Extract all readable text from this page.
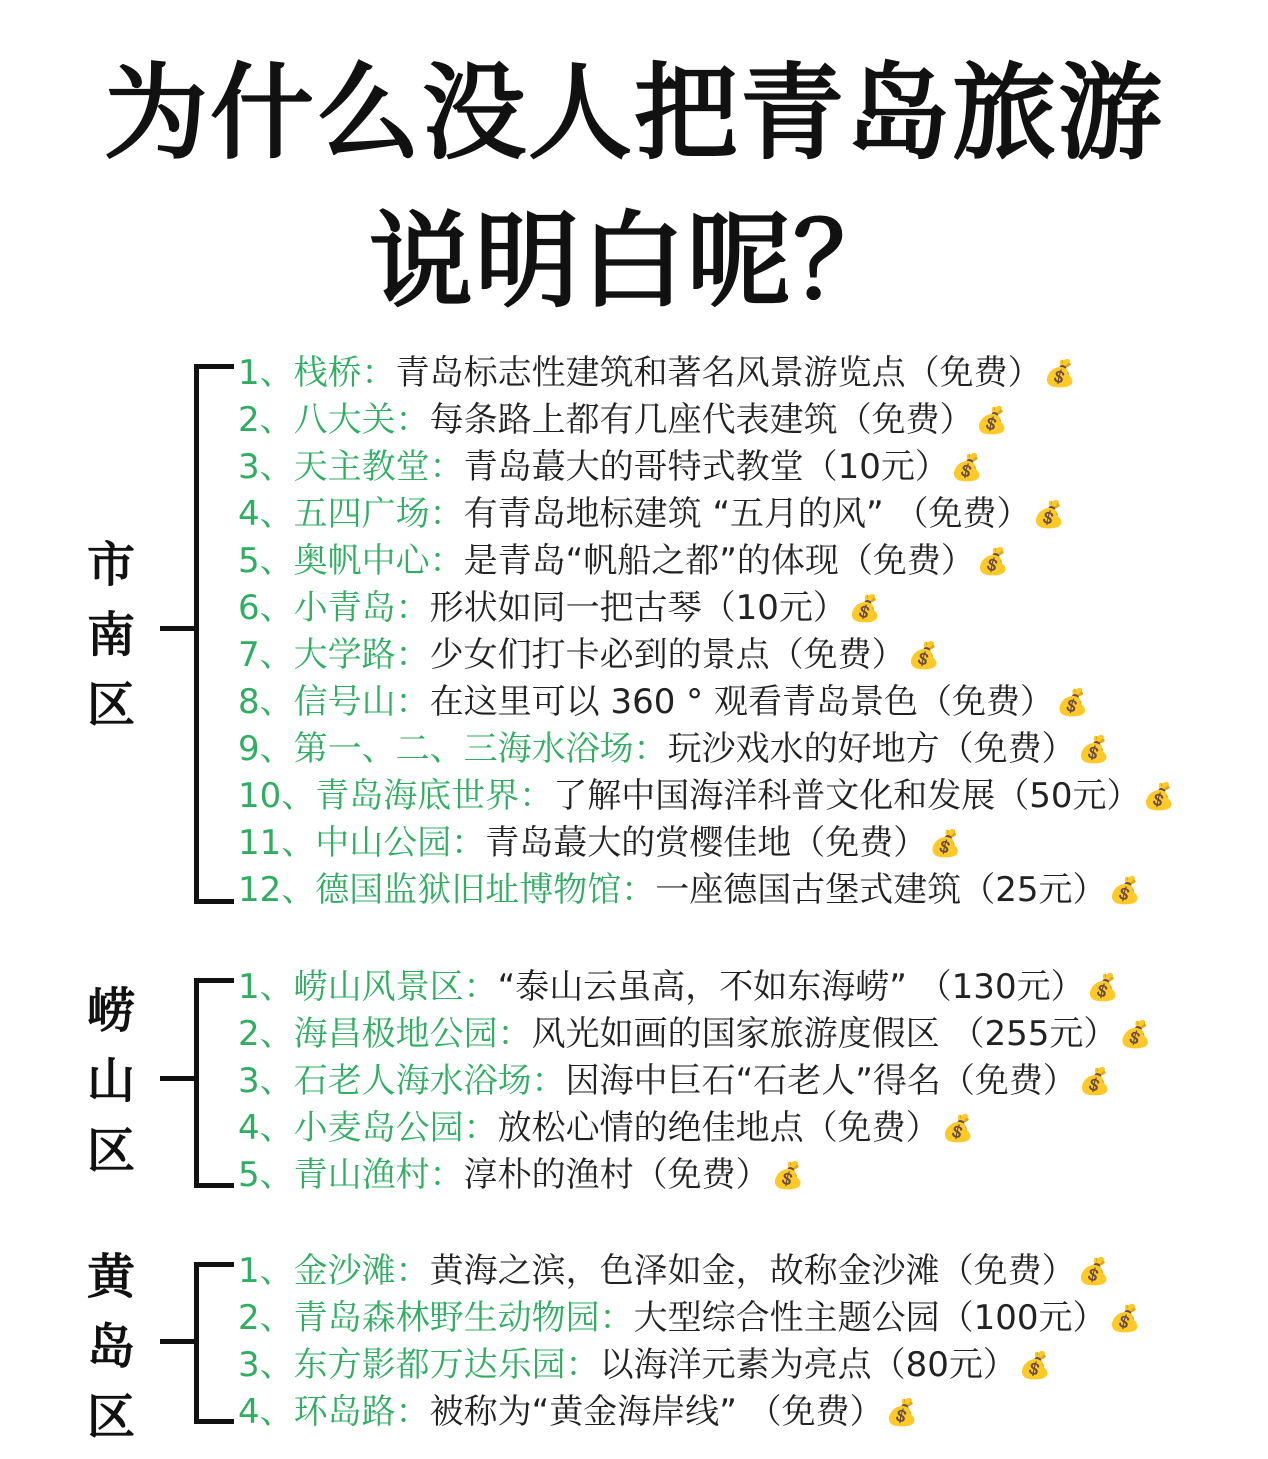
为什么没人把青岛旅游
说明白呢？
市
南
区
1、栈桥：青岛标志性建筑和著名风景游览点（免费）💰
2、八大关：每条路上都有几座代表建筑（免费）💰
3、天主教堂：青岛蕞大的哥特式教堂（10元）💰
4、五四广场：有青岛地标建筑 “五月的风” （免费）💰
5、奥帆中心：是青岛“帆船之都”的体现（免费）💰
6、小青岛：形状如同一把古琴（10元）💰
7、大学路：少女们打卡必到的景点（免费）💰
8、信号山：在这里可以 360 ° 观看青岛景色（免费）💰
9、第一、二、三海水浴场：玩沙戏水的好地方（免费）💰
10、青岛海底世界：了解中国海洋科普文化和发展（50元）💰
11、中山公园：青岛蕞大的赏樱佳地（免费）💰
12、德国监狱旧址博物馆：一座德国古堡式建筑（25元）💰
崂
山
区
1、崂山风景区：“泰山云虽高，不如东海崂” （130元）💰
2、海昌极地公园：风光如画的国家旅游度假区 （255元）💰
3、石老人海水浴场：因海中巨石“石老人”得名（免费）💰
4、小麦岛公园：放松心情的绝佳地点（免费）💰
5、青山渔村：淳朴的渔村（免费）💰
黄
岛
区
1、金沙滩：黄海之滨，色泽如金，故称金沙滩（免费）💰
2、青岛森林野生动物园：大型综合性主题公园（100元）💰
3、东方影都万达乐园：以海洋元素为亮点（80元）💰
4、环岛路：被称为“黄金海岸线” （免费）💰
